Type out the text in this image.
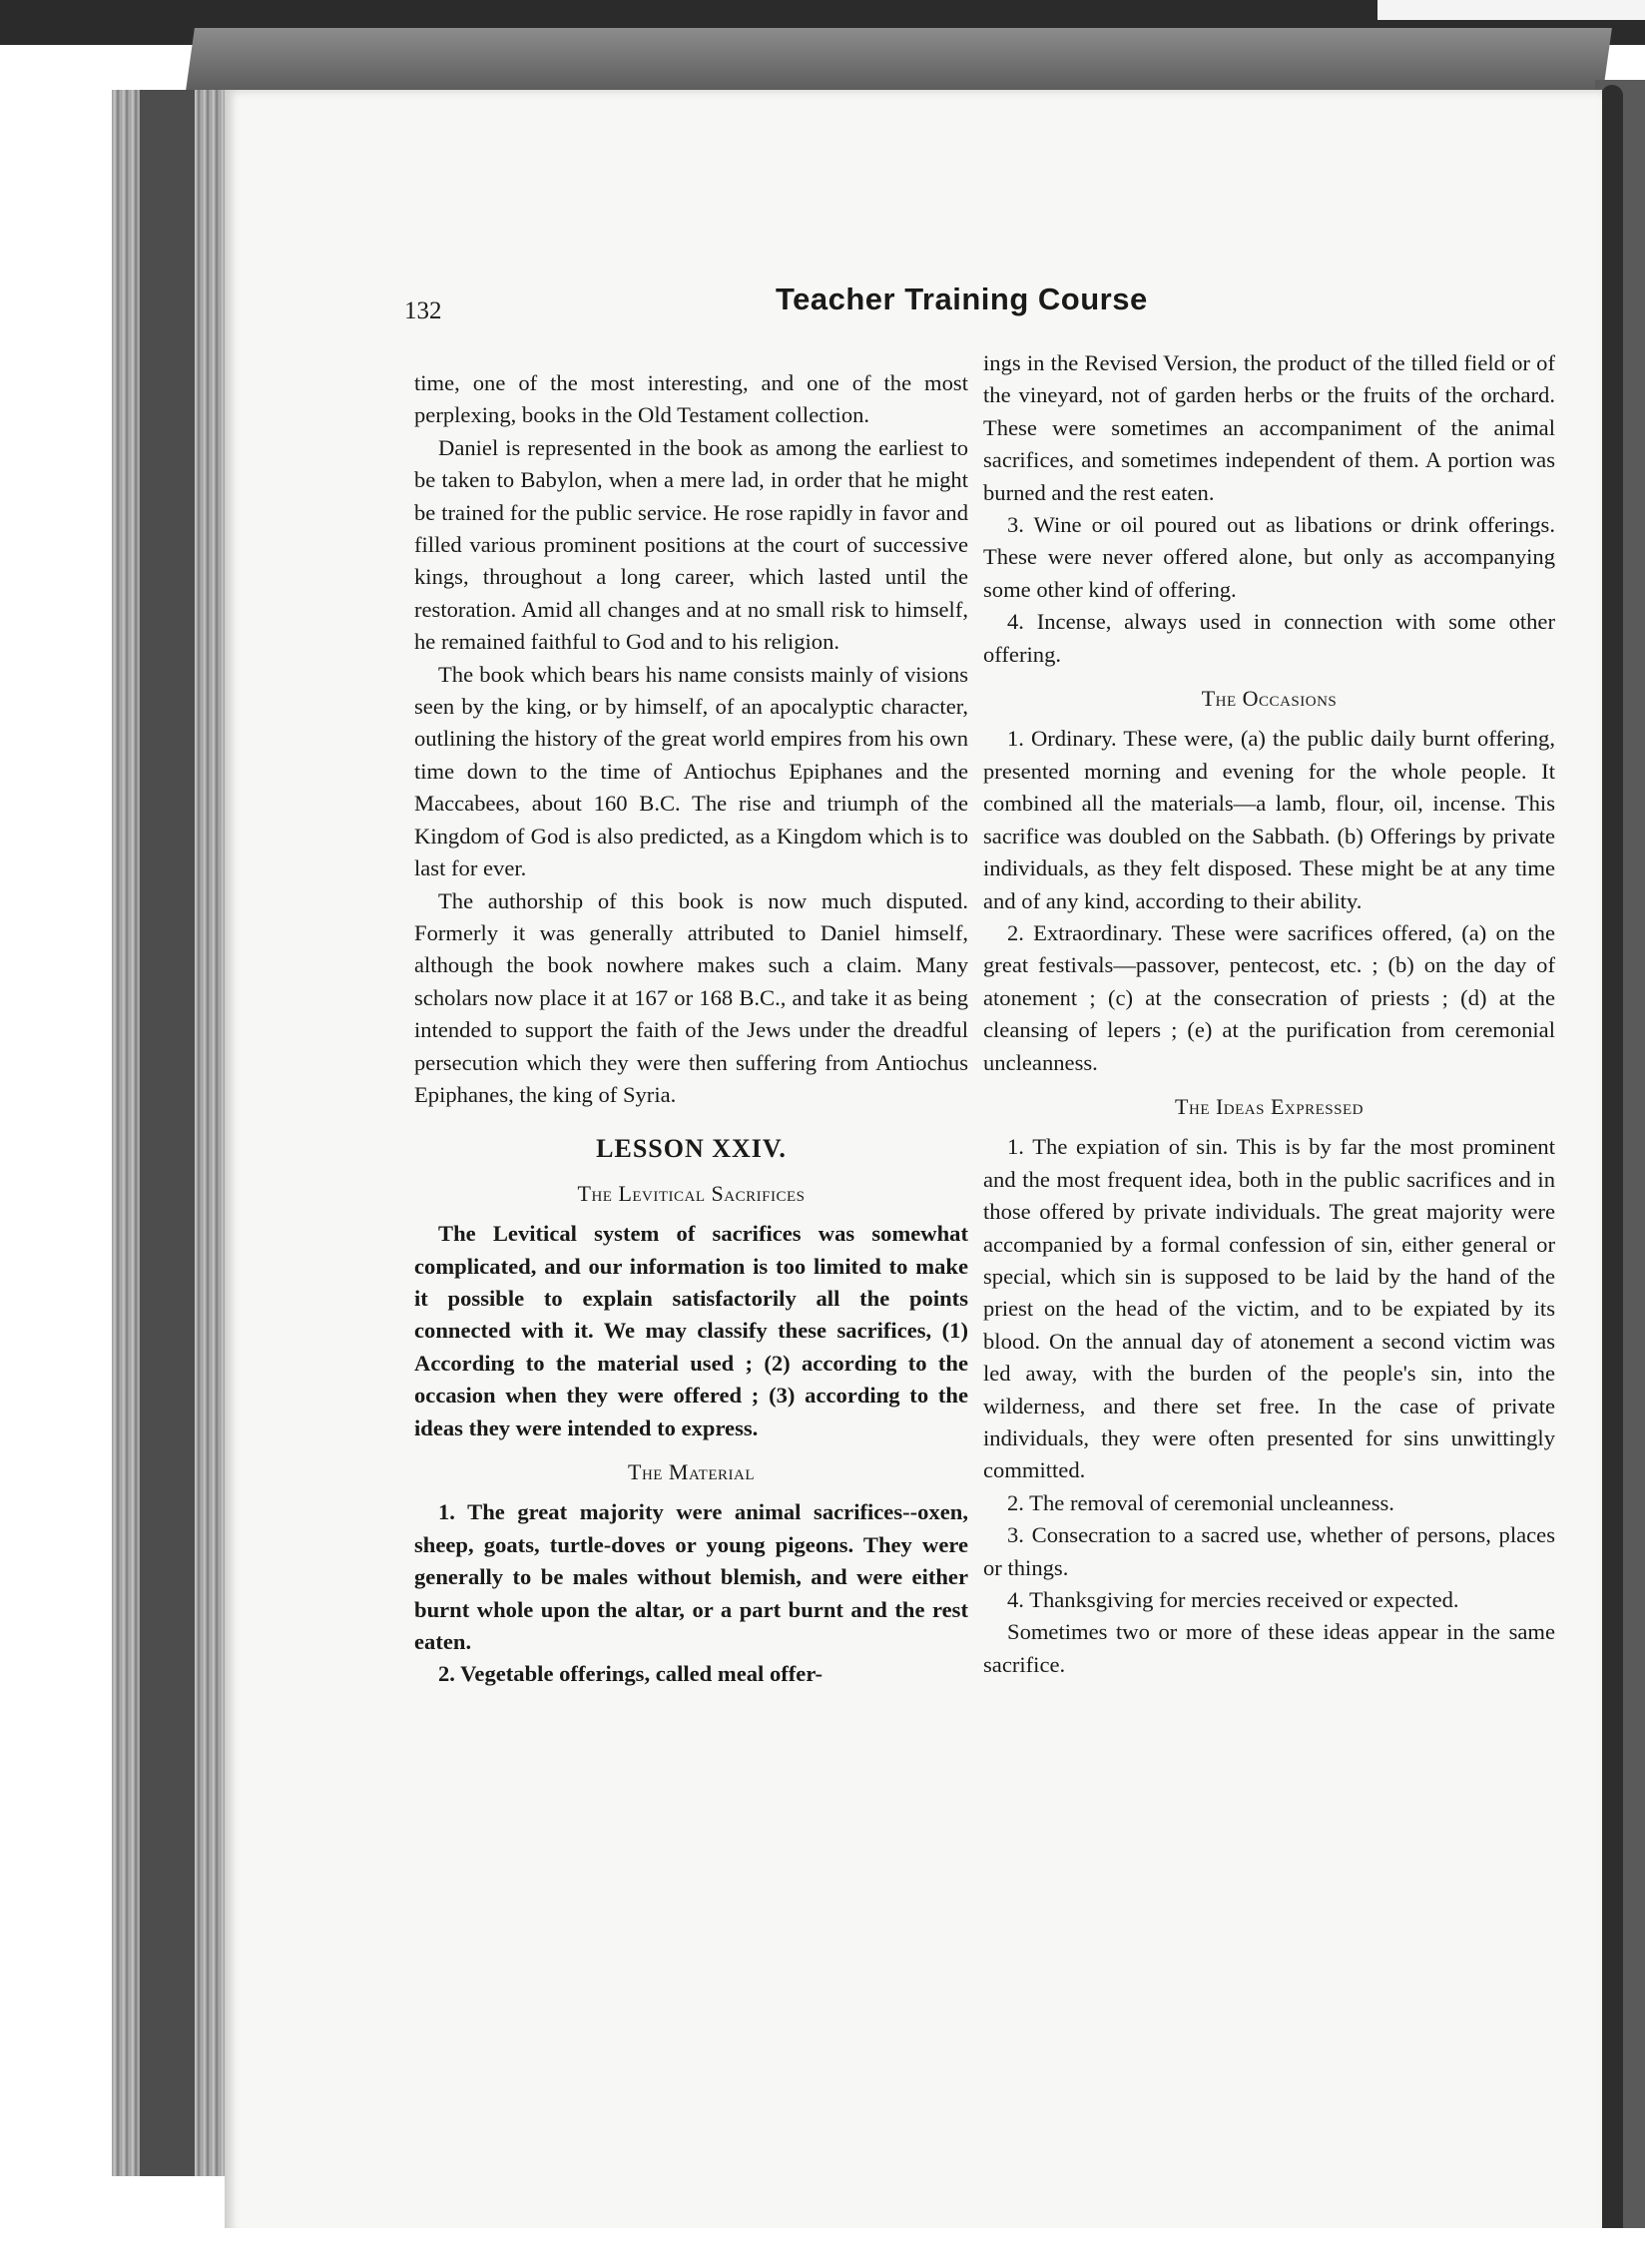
132	Teacher Training Course

time, one of the most interesting, and one of the most perplexing, books in the Old Testament collection.

Daniel is represented in the book as among the earliest to be taken to Babylon, when a mere lad, in order that he might be trained for the public service. He rose rapidly in favor and filled various prominent positions at the court of successive kings, throughout a long career, which lasted until the restoration. Amid all changes and at no small risk to himself, he remained faithful to God and to his religion.

The book which bears his name consists mainly of visions seen by the king, or by himself, of an apocalyptic character, outlining the history of the great world empires from his own time down to the time of Antiochus Epiphanes and the Maccabees, about 160 B.C. The rise and triumph of the Kingdom of God is also predicted, as a Kingdom which is to last for ever.

The authorship of this book is now much disputed. Formerly it was generally attributed to Daniel himself, although the book nowhere makes such a claim. Many scholars now place it at 167 or 168 B.C., and take it as being intended to support the faith of the Jews under the dreadful persecution which they were then suffering from Antiochus Epiphanes, the king of Syria.

LESSON XXIV.
The Levitical Sacrifices

The Levitical system of sacrifices was somewhat complicated, and our information is too limited to make it possible to explain satisfactorily all the points connected with it. We may classify these sacrifices, (1) According to the material used ; (2) according to the occasion when they were offered ; (3) according to the ideas they were intended to express.

The Material

1. The great majority were animal sacrifices--oxen, sheep, goats, turtle-doves or young pigeons. They were generally to be males without blemish, and were either burnt whole upon the altar, or a part burnt and the rest eaten.

2. Vegetable offerings, called meal offer-

ings in the Revised Version, the product of the tilled field or of the vineyard, not of garden herbs or the fruits of the orchard. These were sometimes an accompaniment of the animal sacrifices, and sometimes independent of them. A portion was burned and the rest eaten.

3. Wine or oil poured out as libations or drink offerings. These were never offered alone, but only as accompanying some other kind of offering.

4. Incense, always used in connection with some other offering.

The Occasions

1. Ordinary. These were, (a) the public daily burnt offering, presented morning and evening for the whole people. It combined all the materials—a lamb, flour, oil, incense. This sacrifice was doubled on the Sabbath. (b) Offerings by private individuals, as they felt disposed. These might be at any time and of any kind, according to their ability.

2. Extraordinary. These were sacrifices offered, (a) on the great festivals—passover, pentecost, etc. ; (b) on the day of atonement ; (c) at the consecration of priests ; (d) at the cleansing of lepers ; (e) at the purification from ceremonial uncleanness.

The Ideas Expressed

1. The expiation of sin. This is by far the most prominent and the most frequent idea, both in the public sacrifices and in those offered by private individuals. The great majority were accompanied by a formal confession of sin, either general or special, which sin is supposed to be laid by the hand of the priest on the head of the victim, and to be expiated by its blood. On the annual day of atonement a second victim was led away, with the burden of the people's sin, into the wilderness, and there set free. In the case of private individuals, they were often presented for sins unwittingly committed.

2. The removal of ceremonial uncleanness.

3. Consecration to a sacred use, whether of persons, places or things.

4. Thanksgiving for mercies received or expected.

Sometimes two or more of these ideas appear in the same sacrifice.
